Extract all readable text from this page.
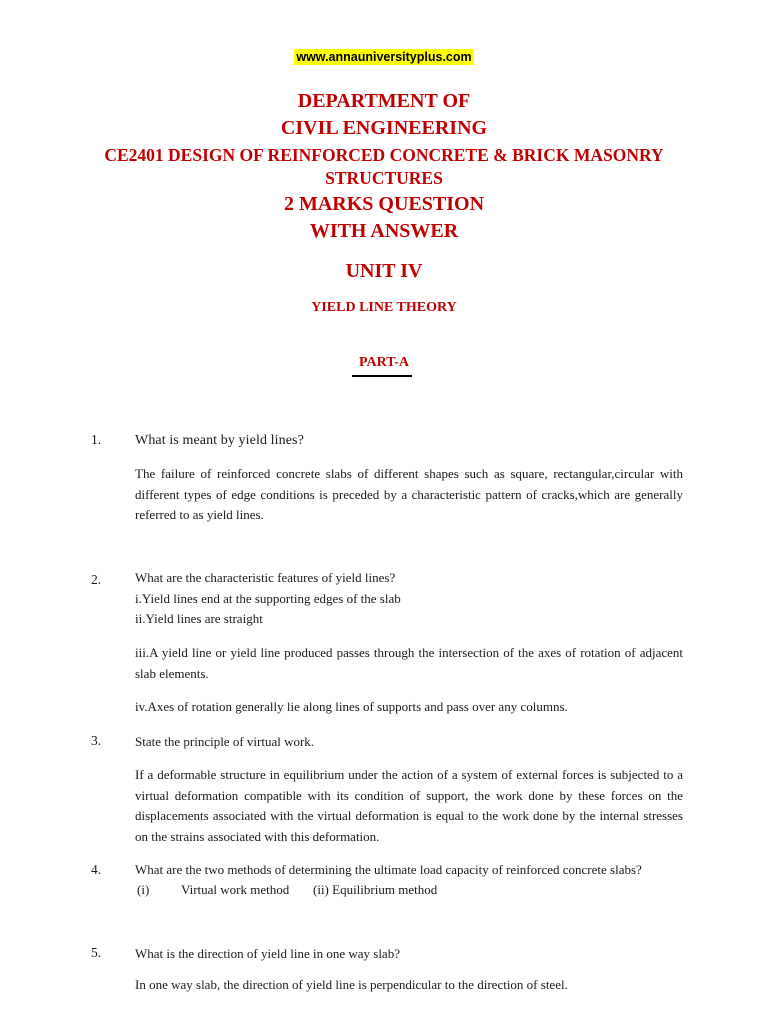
www.annauniversityplus.com
DEPARTMENT OF
CIVIL ENGINEERING
CE2401 DESIGN OF REINFORCED CONCRETE & BRICK MASONRY
STRUCTURES
2 MARKS QUESTION
WITH ANSWER
UNIT IV
YIELD LINE THEORY
PART-A
1. What is meant by yield lines?
The failure of reinforced concrete slabs of different shapes such as square, rectangular,circular with
different types of edge conditions is preceded by a characteristic pattern of cracks,which are generally
referred to as yield lines.
2.	What are the characteristic features of yield lines?
i.Yield lines end at the supporting edges of the slab
ii.Yield lines are straight
iii.A yield line or yield line produced passes through the intersection of the axes of rotation of adjacent
slab elements.
iv.Axes of rotation generally lie along lines of supports and pass over any columns.
3.	State the principle of virtual work.
If a deformable structure in equilibrium under the action of a system of external forces is subjected to a
virtual deformation compatible with its condition of support, the work done by these forces on the
displacements associated with the virtual deformation is equal to the work done by the internal stresses
on the strains associated with this deformation.
4.	What are the two methods of determining the ultimate load capacity of reinforced concrete slabs?
(i) Virtual work method (ii) Equilibrium method
5.	What is the direction of yield line in one way slab?
In one way slab, the direction of yield line is perpendicular to the direction of steel.
